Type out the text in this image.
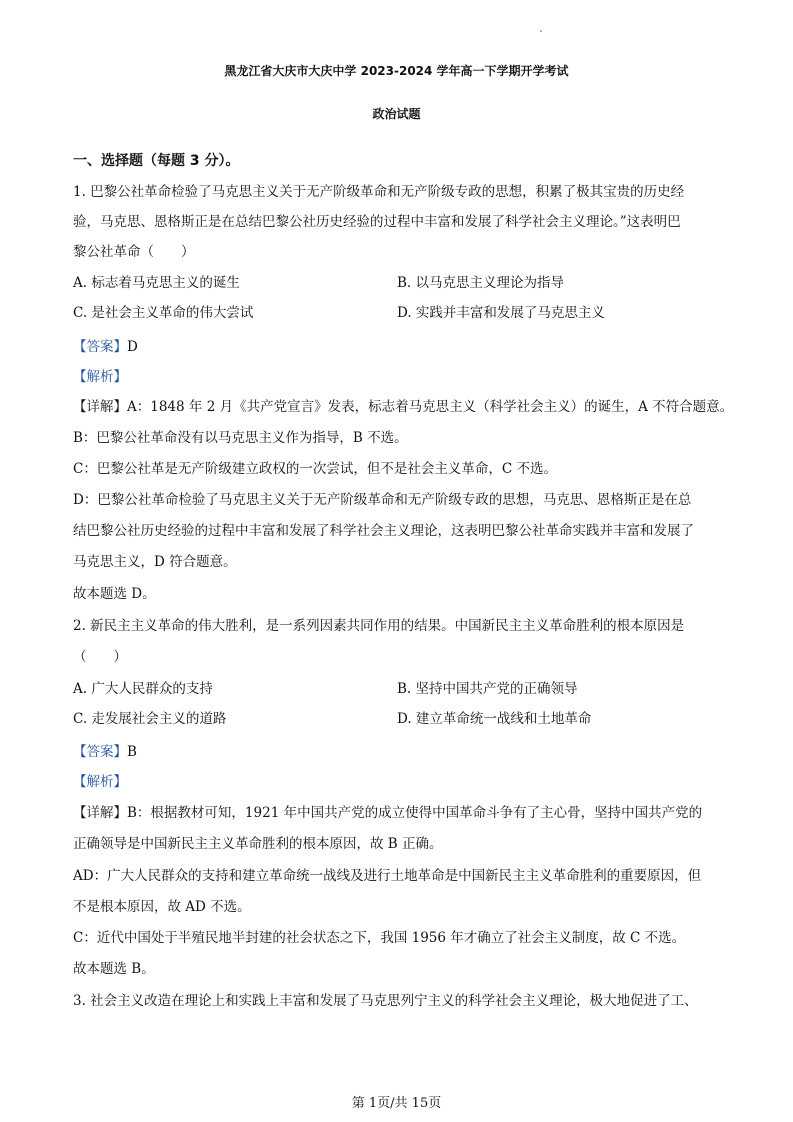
黑龙江省大庆市大庆中学 2023-2024 学年高一下学期开学考试
政治试题
一、选择题（每题 3 分）。
1. 巴黎公社革命检验了马克思主义关于无产阶级革命和无产阶级专政的思想，积累了极其宝贵的历史经
验，马克思、恩格斯正是在总结巴黎公社历史经验的过程中丰富和发展了科学社会主义理论。”这表明巴
黎公社革命（　　）
A. 标志着马克思主义的诞生	B. 以马克思主义理论为指导
C. 是社会主义革命的伟大尝试	D. 实践并丰富和发展了马克思主义
【答案】D
【解析】
【详解】A：1848 年 2 月《共产党宣言》发表，标志着马克思主义（科学社会主义）的诞生，A 不符合题意。
B：巴黎公社革命没有以马克思主义作为指导，B 不选。
C：巴黎公社革是无产阶级建立政权的一次尝试，但不是社会主义革命，C 不选。
D：巴黎公社革命检验了马克思主义关于无产阶级革命和无产阶级专政的思想，马克思、恩格斯正是在总
结巴黎公社历史经验的过程中丰富和发展了科学社会主义理论，这表明巴黎公社革命实践并丰富和发展了
马克思主义，D 符合题意。
故本题选 D。
2. 新民主主义革命的伟大胜利，是一系列因素共同作用的结果。中国新民主主义革命胜利的根本原因是
（　　）
A. 广大人民群众的支持	B. 坚持中国共产党的正确领导
C. 走发展社会主义的道路	D. 建立革命统一战线和土地革命
【答案】B
【解析】
【详解】B：根据教材可知，1921 年中国共产党的成立使得中国革命斗争有了主心骨，坚持中国共产党的
正确领导是中国新民主主义革命胜利的根本原因，故 B 正确。
AD：广大人民群众的支持和建立革命统一战线及进行土地革命是中国新民主主义革命胜利的重要原因，但
不是根本原因，故 AD 不选。
C：近代中国处于半殖民地半封建的社会状态之下，我国 1956 年才确立了社会主义制度，故 C 不选。
故本题选 B。
3. 社会主义改造在理论上和实践上丰富和发展了马克思列宁主义的科学社会主义理论，极大地促进了工、
第 1页/共 15页
